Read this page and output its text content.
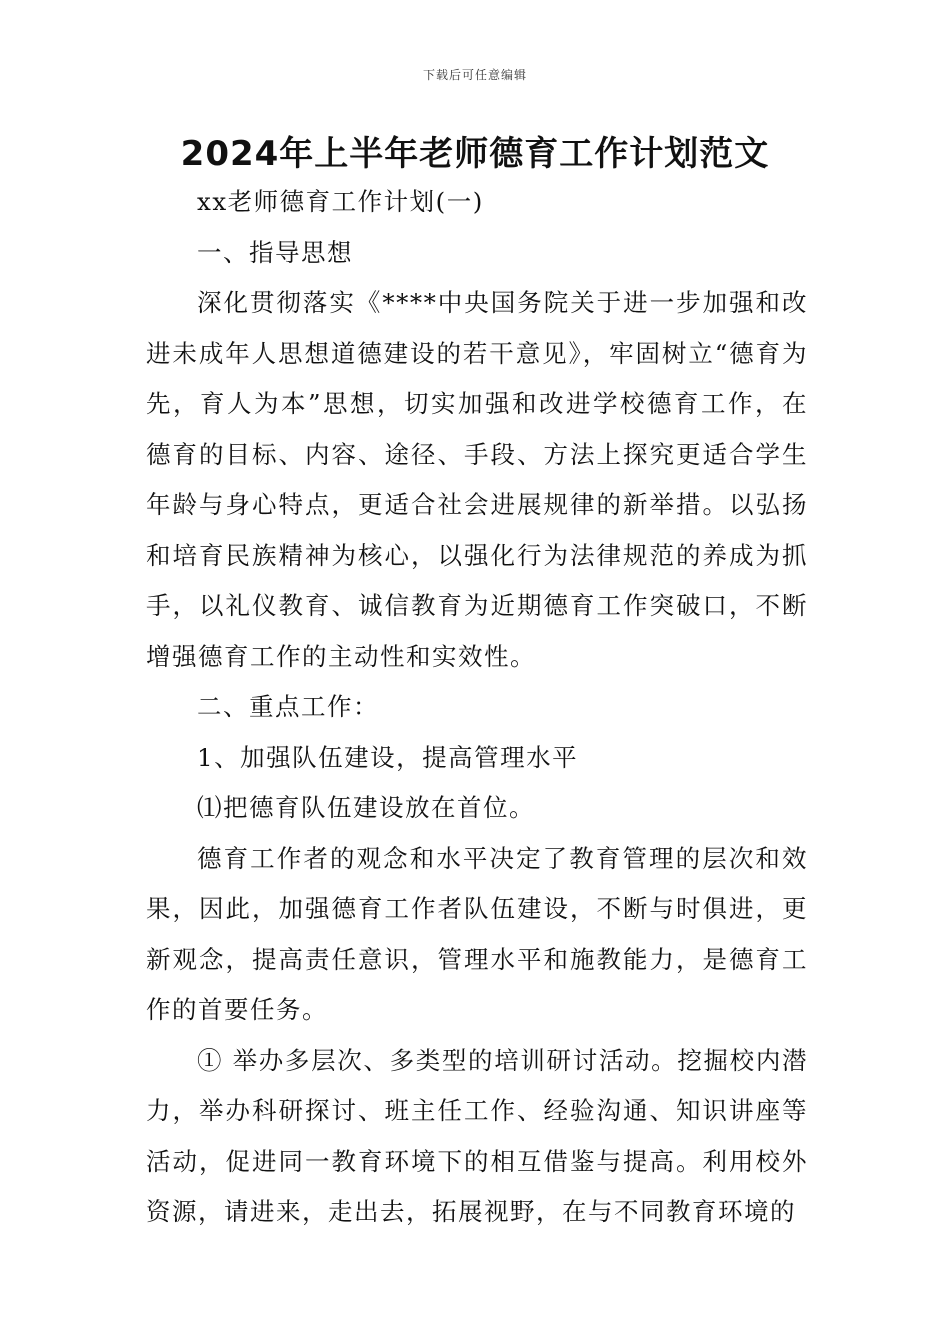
下载后可任意编辑
2024年上半年老师德育工作计划范文

xx老师德育工作计划(一)

一、指导思想

深化贯彻落实《****中央国务院关于进一步加强和改进未成年人思想道德建设的若干意见》，牢固树立“德育为先，育人为本”思想，切实加强和改进学校德育工作，在德育的目标、内容、途径、手段、方法上探究更适合学生年龄与身心特点，更适合社会进展规律的新举措。以弘扬和培育民族精神为核心，以强化行为法律规范的养成为抓手，以礼仪教育、诚信教育为近期德育工作突破口，不断增强德育工作的主动性和实效性。

二、重点工作：

1、加强队伍建设，提高管理水平

⑴把德育队伍建设放在首位。

德育工作者的观念和水平决定了教育管理的层次和效果，因此，加强德育工作者队伍建设，不断与时俱进，更新观念，提高责任意识，管理水平和施教能力，是德育工作的首要任务。

① 举办多层次、多类型的培训研讨活动。挖掘校内潜力，举办科研探讨、班主任工作、经验沟通、知识讲座等活动，促进同一教育环境下的相互借鉴与提高。利用校外资源，请进来，走出去，拓展视野，在与不同教育环境的
